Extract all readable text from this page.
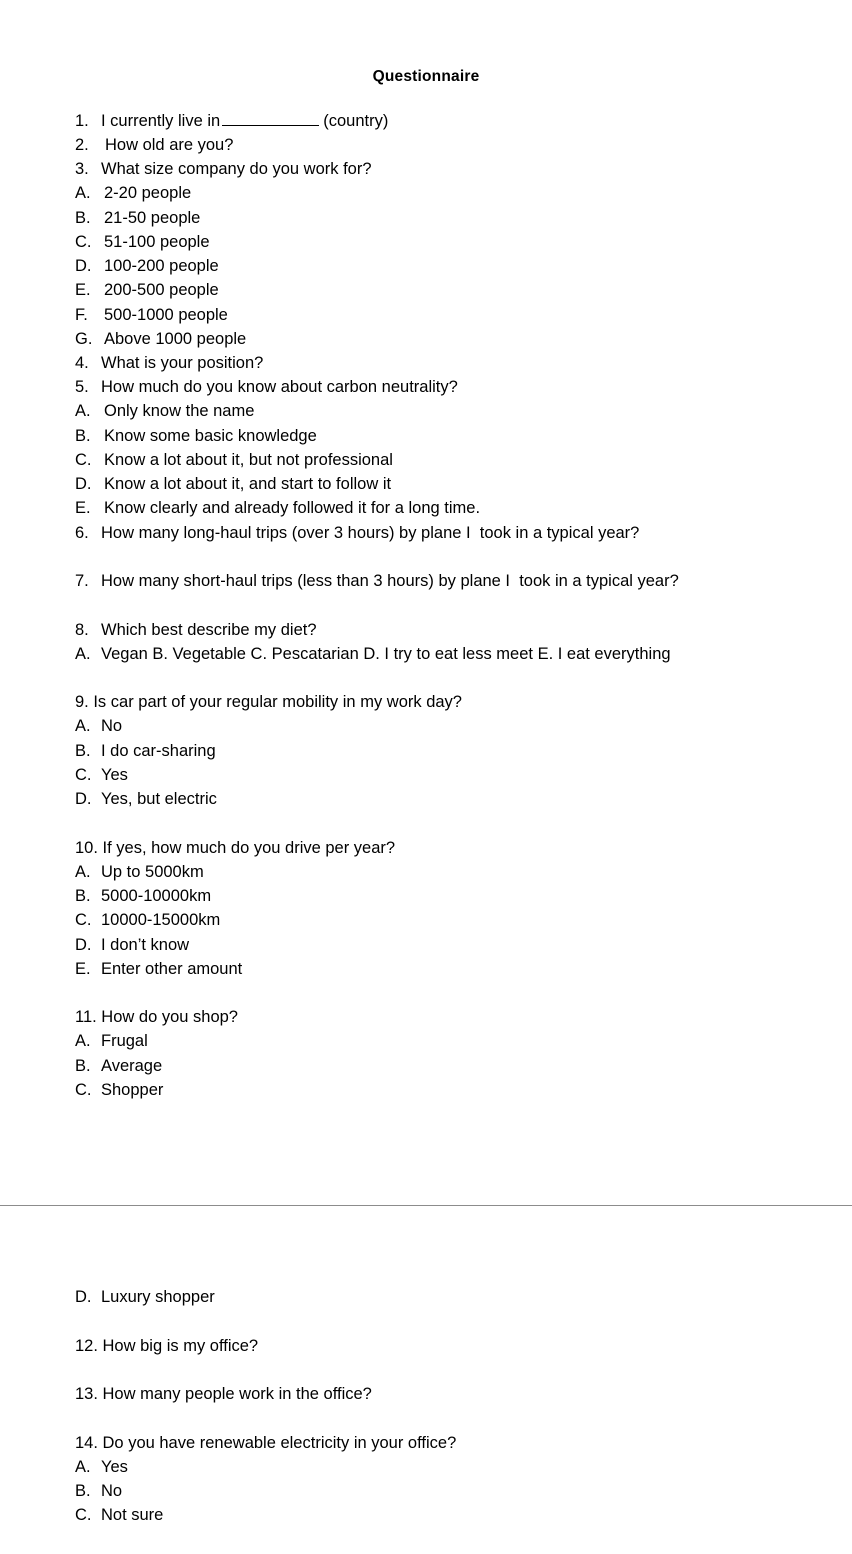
Questionnaire
1. I currently live in	(country)
2. How old are you?
3. What size company do you work for?
A. 2-20 people
B. 21-50 people
C. 51-100 people
D. 100-200 people
E. 200-500 people
F. 500-1000 people
G. Above 1000 people
4. What is your position?
5. How much do you know about carbon neutrality?
A. Only know the name
B. Know some basic knowledge
C. Know a lot about it, but not professional
D. Know a lot about it, and start to follow it
E. Know clearly and already followed it for a long time.
6. How many long-haul trips (over 3 hours) by plane I  took in a typical year?
7. How many short-haul trips (less than 3 hours) by plane I  took in a typical year?
8. Which best describe my diet?
A. Vegan B. Vegetable C. Pescatarian D. I try to eat less meet E. I eat everything
9. Is car part of your regular mobility in my work day?
A. No
B. I do car-sharing
C. Yes
D. Yes, but electric
10. If yes, how much do you drive per year?
A. Up to 5000km
B. 5000-10000km
C. 10000-15000km
D. I don’t know
E. Enter other amount
11. How do you shop?
A. Frugal
B. Average
C. Shopper
D. Luxury shopper
12. How big is my office?
13. How many people work in the office?
14. Do you have renewable electricity in your office?
A. Yes
B. No
C. Not sure
